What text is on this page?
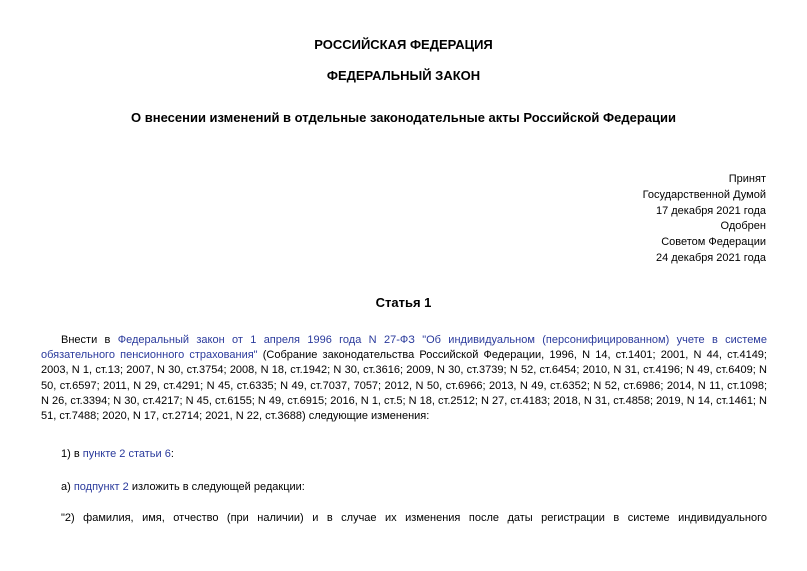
РОССИЙСКАЯ ФЕДЕРАЦИЯ
ФЕДЕРАЛЬНЫЙ ЗАКОН
О внесении изменений в отдельные законодательные акты Российской Федерации
Принят
Государственной Думой
17 декабря 2021 года
Одобрен
Советом Федерации
24 декабря 2021 года
Статья 1
Внести в Федеральный закон от 1 апреля 1996 года N 27-ФЗ "Об индивидуальном (персонифицированном) учете в системе обязательного пенсионного страхования" (Собрание законодательства Российской Федерации, 1996, N 14, ст.1401; 2001, N 44, ст.4149; 2003, N 1, ст.13; 2007, N 30, ст.3754; 2008, N 18, ст.1942; N 30, ст.3616; 2009, N 30, ст.3739; N 52, ст.6454; 2010, N 31, ст.4196; N 49, ст.6409; N 50, ст.6597; 2011, N 29, ст.4291; N 45, ст.6335; N 49, ст.7037, 7057; 2012, N 50, ст.6966; 2013, N 49, ст.6352; N 52, ст.6986; 2014, N 11, ст.1098; N 26, ст.3394; N 30, ст.4217; N 45, ст.6155; N 49, ст.6915; 2016, N 1, ст.5; N 18, ст.2512; N 27, ст.4183; 2018, N 31, ст.4858; 2019, N 14, ст.1461; N 51, ст.7488; 2020, N 17, ст.2714; 2021, N 22, ст.3688) следующие изменения:
1) в пункте 2 статьи 6:
а) подпункт 2 изложить в следующей редакции:
"2) фамилия, имя, отчество (при наличии) и в случае их изменения после даты регистрации в системе индивидуального
